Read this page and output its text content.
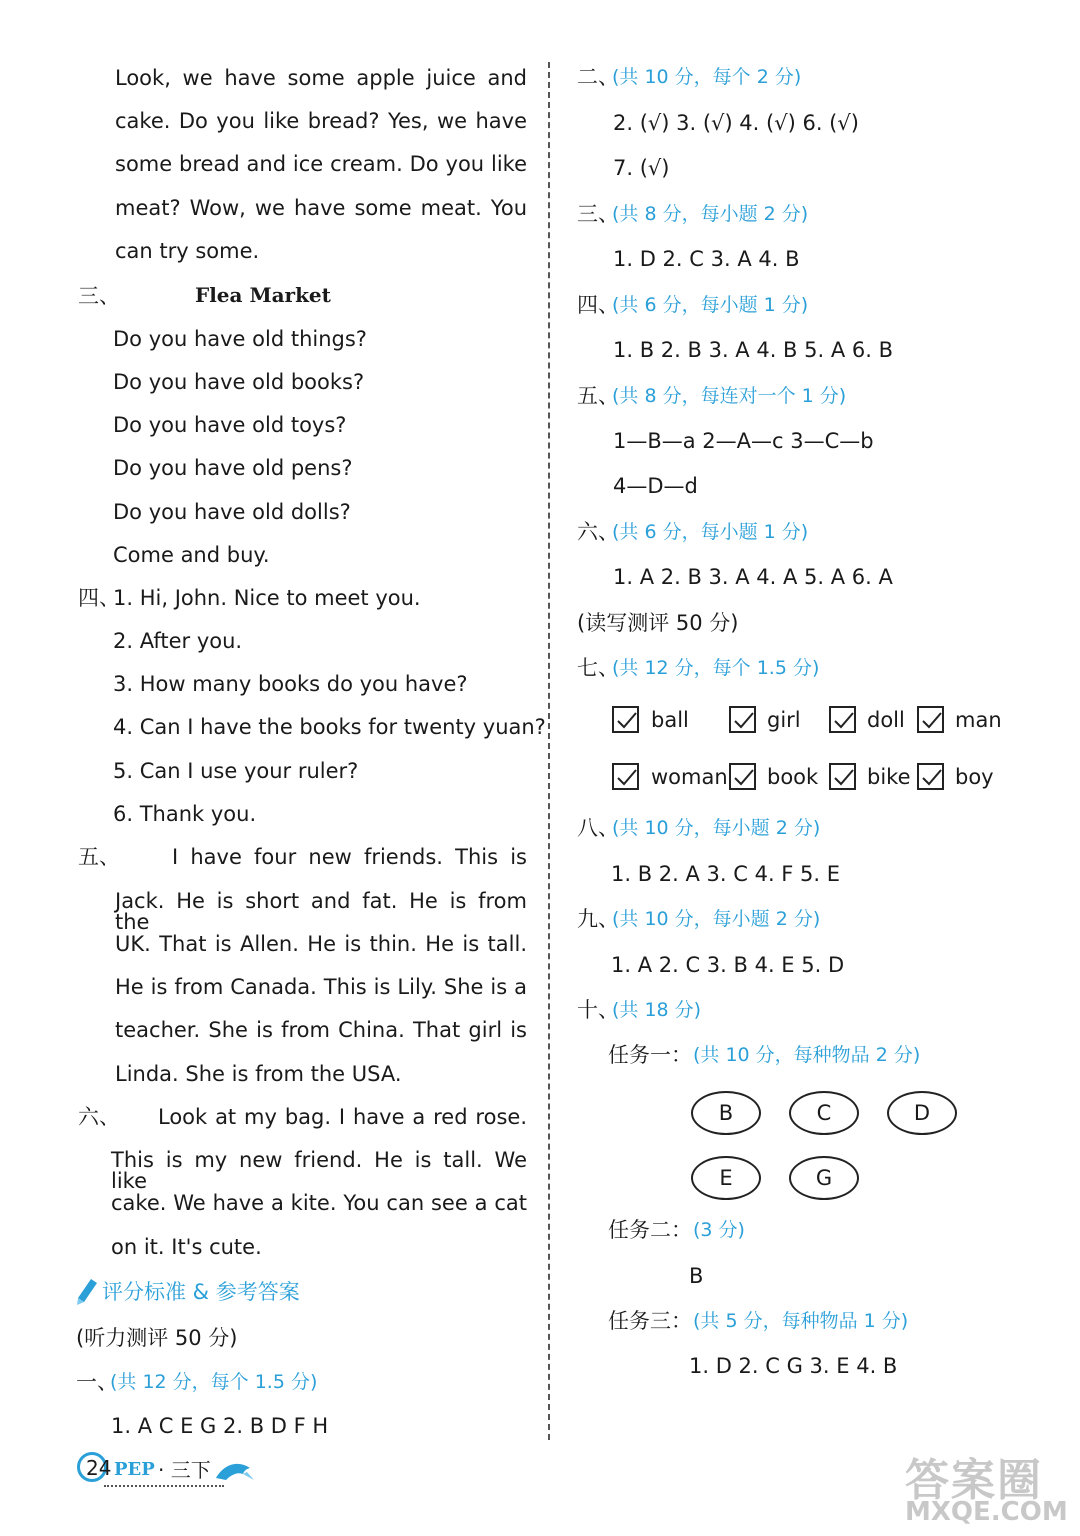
Look, we have some apple juice and
cake. Do you like bread? Yes, we have
some bread and ice cream. Do you like
meat? Wow, we have some meat. You
can try some.
三、	Flea Market
Do you have old things?
Do you have old books?
Do you have old toys?
Do you have old pens?
Do you have old dolls?
Come and buy.
四、
1. Hi, John. Nice to meet you.
2. After you.
3. How many books do you have?
4. Can I have the books for twenty yuan?
5. Can I use your ruler?
6. Thank you.
五、 I have four new friends. This is
Jack. He is short and fat. He is from the
UK. That is Allen. He is thin. He is tall.
He is from Canada. This is Lily. She is a
teacher. She is from China. That girl is
Linda. She is from the USA.
六、 Look at my bag. I have a red rose.
This is my new friend. He is tall. We like
cake. We have a kite. You can see a cat
on it. It's cute.
评分标准 & 参考答案
(听力测评 50 分)
一、
(共 12 分，每个 1.5 分)
1. A C E G 2. B D F H
二、
(共 10 分，每个 2 分)
2. (√) 3. (√) 4. (√) 6. (√)
7. (√)
三、
(共 8 分，每小题 2 分)
1. D 2. C 3. A 4. B
四、
(共 6 分，每小题 1 分)
1. B 2. B 3. A 4. B 5. A 6. B
五、
(共 8 分，每连对一个 1 分)
1—B—a 2—A—c 3—C—b
4—D—d
六、
(共 6 分，每小题 1 分)
1. A 2. B 3. A 4. A 5. A 6. A
(读写测评 50 分)
七、
(共 12 分，每个 1.5 分)
ball	girl	doll man
woman book bike boy
八、
(共 10 分，每小题 2 分)
1. B 2. A 3. C 4. F 5. E
九、
(共 10 分，每小题 2 分)
1. A 2. C 3. B 4. E 5. D
十、
(共 18 分)
任务一： (共 10 分，每种物品 2 分)
B	C	D
E	G
任务二： (3 分)
B
任务三： (共 5 分，每种物品 1 分)
1. D 2. C G 3. E 4. B
24 PEP · 三下	答案圈
MXQE.COM
